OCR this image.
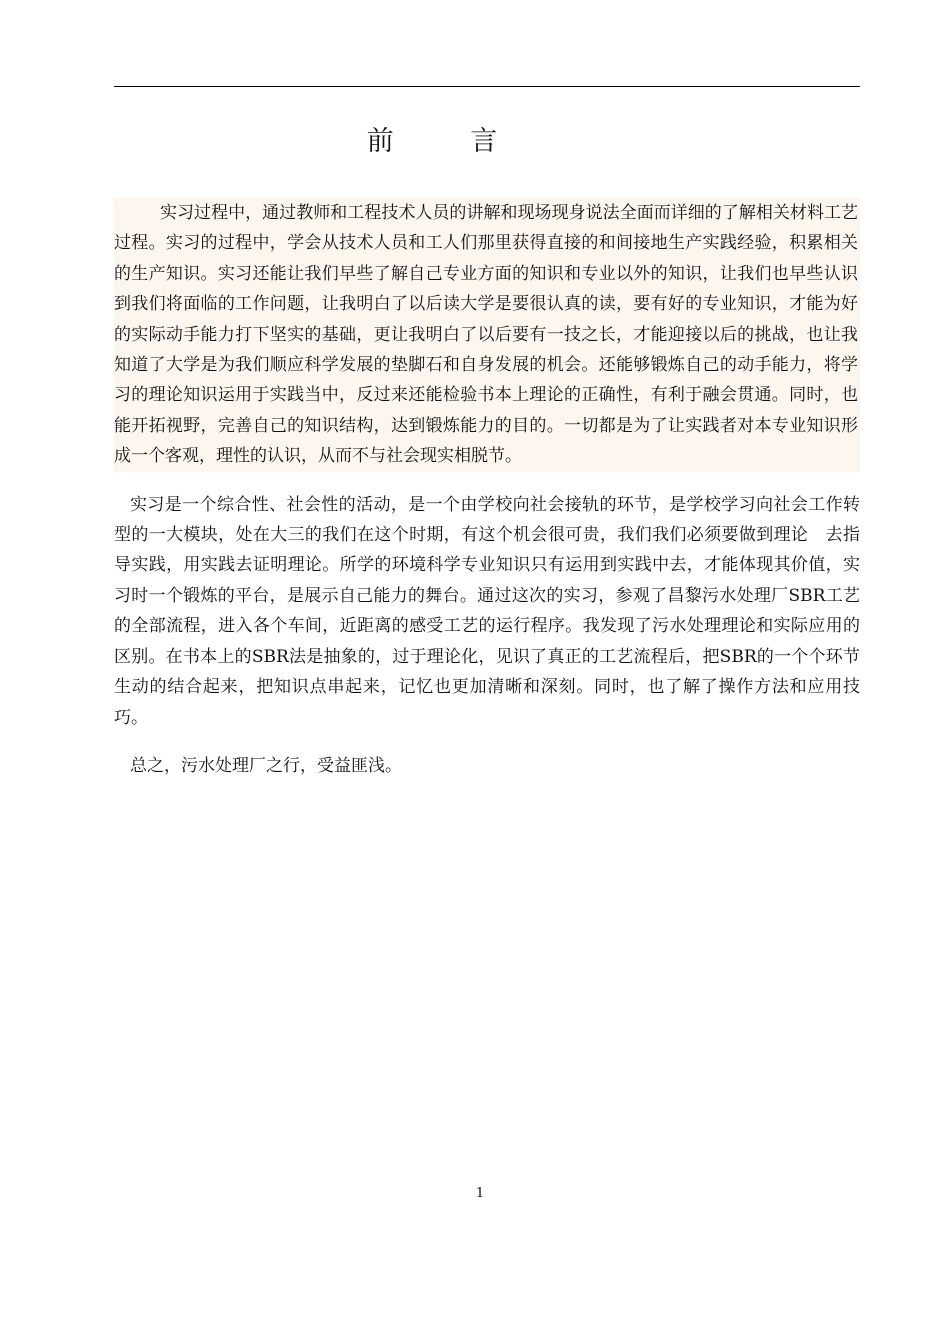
前 言

实习过程中，通过教师和工程技术人员的讲解和现场现身说法全面而详细的了解相关材料工艺过程。实习的过程中，学会从技术人员和工人们那里获得直接的和间接地生产实践经验，积累相关的生产知识。实习还能让我们早些了解自己专业方面的知识和专业以外的知识，让我们也早些认识到我们将面临的工作问题，让我明白了以后读大学是要很认真的读，要有好的专业知识，才能为好的实际动手能力打下坚实的基础，更让我明白了以后要有一技之长，才能迎接以后的挑战，也让我知道了大学是为我们顺应科学发展的垫脚石和自身发展的机会。还能够锻炼自己的动手能力，将学习的理论知识运用于实践当中，反过来还能检验书本上理论的正确性，有利于融会贯通。同时，也能开拓视野，完善自己的知识结构，达到锻炼能力的目的。一切都是为了让实践者对本专业知识形成一个客观，理性的认识，从而不与社会现实相脱节。

实习是一个综合性、社会性的活动，是一个由学校向社会接轨的环节，是学校学习向社会工作转型的一大模块，处在大三的我们在这个时期，有这个机会很可贵，我们我们必须要做到理论　去指导实践，用实践去证明理论。所学的环境科学专业知识只有运用到实践中去，才能体现其价值，实习时一个锻炼的平台，是展示自己能力的舞台。通过这次的实习，参观了昌黎污水处理厂SBR工艺的全部流程，进入各个车间，近距离的感受工艺的运行程序。我发现了污水处理理论和实际应用的区别。在书本上的SBR法是抽象的，过于理论化，见识了真正的工艺流程后，把SBR的一个个环节生动的结合起来，把知识点串起来，记忆也更加清晰和深刻。同时，也了解了操作方法和应用技巧。

总之，污水处理厂之行，受益匪浅。

1
